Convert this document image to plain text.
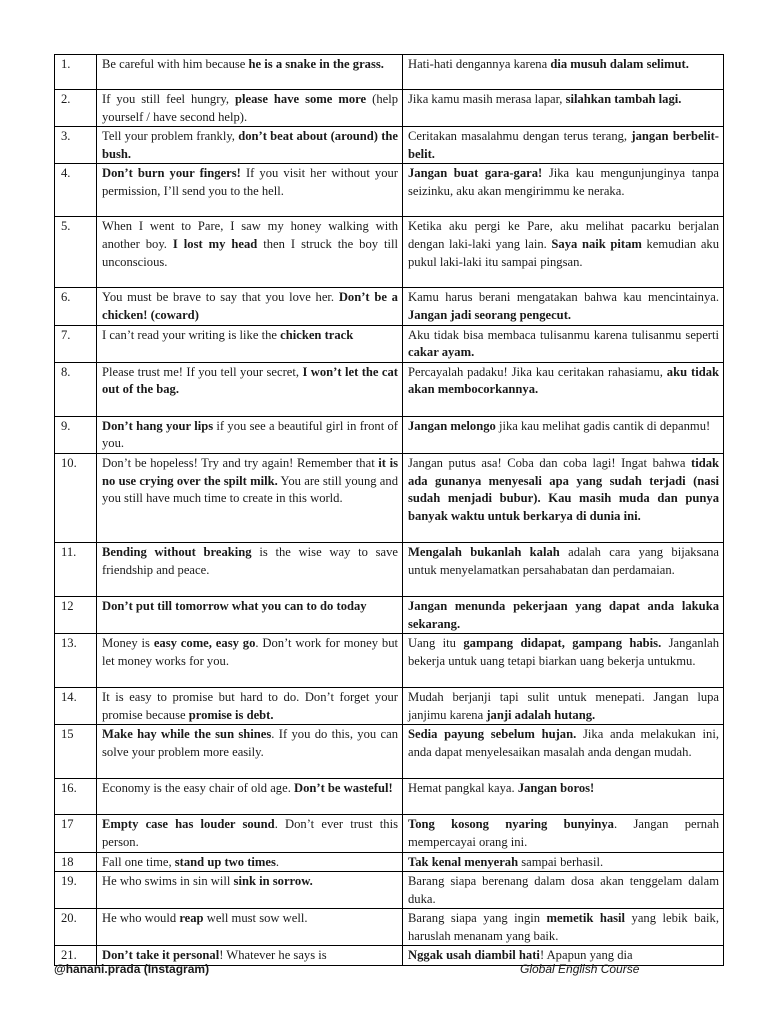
1.	Be careful with him because he is a snake in the grass.	Hati-hati dengannya karena dia musuh dalam selimut.
2.	If you still feel hungry, please have some more (help yourself / have second help).	Jika kamu masih merasa lapar, silahkan tambah lagi.
3.	Tell your problem frankly, don’t beat about (around) the bush.	Ceritakan masalahmu dengan terus terang, jangan berbelit-belit.
4.	Don’t burn your fingers! If you visit her without your permission, I’ll send you to the hell.	Jangan buat gara-gara! Jika kau mengunjunginya tanpa seizinku, aku akan mengirimmu ke neraka.
5.	When I went to Pare, I saw my honey walking with another boy. I lost my head then I struck the boy till unconscious.	Ketika aku pergi ke Pare, aku melihat pacarku berjalan dengan laki-laki yang lain. Saya naik pitam kemudian aku pukul laki-laki itu sampai pingsan.
6.	You must be brave to say that you love her. Don’t be a chicken! (coward)	Kamu harus berani mengatakan bahwa kau mencintainya. Jangan jadi seorang pengecut.
7.	I can’t read your writing is like the chicken track	Aku tidak bisa membaca tulisanmu karena tulisanmu seperti cakar ayam.
8.	Please trust me! If you tell your secret, I won’t let the cat out of the bag.	Percayalah padaku! Jika kau ceritakan rahasiamu, aku tidak akan membocorkannya.
9.	Don’t hang your lips if you see a beautiful girl in front of you.	Jangan melongo jika kau melihat gadis cantik di depanmu!
10.	Don’t be hopeless! Try and try again! Remember that it is no use crying over the spilt milk. You are still young and you still have much time to create in this world.	Jangan putus asa! Coba dan coba lagi! Ingat bahwa tidak ada gunanya menyesali apa yang sudah terjadi (nasi sudah menjadi bubur). Kau masih muda dan punya banyak waktu untuk berkarya di dunia ini.
11.	Bending without breaking is the wise way to save friendship and peace.	Mengalah bukanlah kalah adalah cara yang bijaksana untuk menyelamatkan persahabatan dan perdamaian.
12	Don’t put till tomorrow what you can to do today	Jangan menunda pekerjaan yang dapat anda lakuka sekarang.
13.	Money is easy come, easy go. Don’t work for money but let money works for you.	Uang itu gampang didapat, gampang habis. Janganlah bekerja untuk uang tetapi biarkan uang bekerja untukmu.
14.	It is easy to promise but hard to do. Don’t forget your promise because promise is debt.	Mudah berjanji tapi sulit untuk menepati. Jangan lupa janjimu karena janji adalah hutang.
15	Make hay while the sun shines. If you do this, you can solve your problem more easily.	Sedia payung sebelum hujan. Jika anda melakukan ini, anda dapat menyelesaikan masalah anda dengan mudah.
16.	Economy is the easy chair of old age. Don’t be wasteful!	Hemat pangkal kaya. Jangan boros!
17	Empty case has louder sound. Don’t ever trust this person.	Tong kosong nyaring bunyinya. Jangan pernah mempercayai orang ini.
18	Fall one time, stand up two times.	Tak kenal menyerah sampai berhasil.
19.	He who swims in sin will sink in sorrow.	Barang siapa berenang dalam dosa akan tenggelam dalam duka.
20.	He who would reap well must sow well.	Barang siapa yang ingin memetik hasil yang lebik baik, haruslah menanam yang baik.
21.	Don’t take it personal! Whatever he says is	Nggak usah diambil hati! Apapun yang dia
@hanani.prada (Instagram)	Global English Course
